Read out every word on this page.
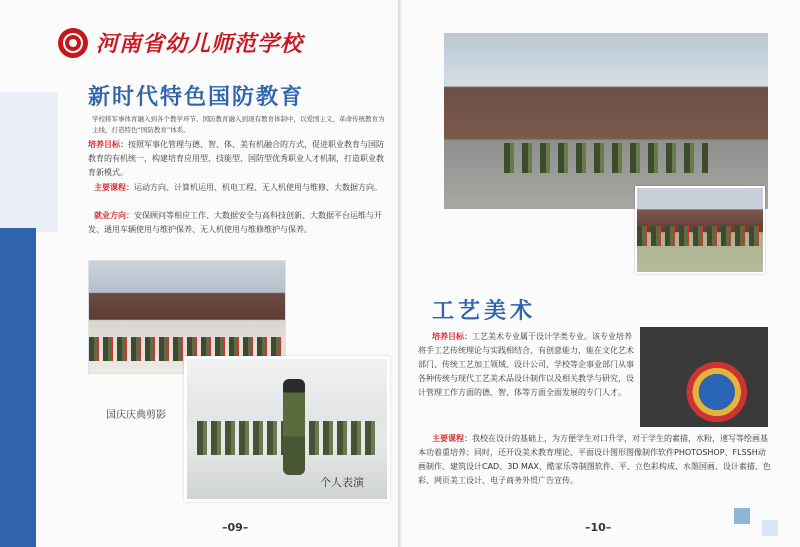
河南省幼儿师范学校
新时代特色国防教育
学校将军事体育融入到各个教学环节、国防教育融入到现有教育体制中，以爱国主义、革命传统教育为主线，打造特色“国防教育”体系。
培养目标：按照军事化管理与德、智、体、美有机融合的方式，促进职业教育与国防教育的有机统一，构建培育应用型、技能型、国防型优秀职业人才机制，打造职业教育新模式。
主要课程：运动方向、计算机运用、机电工程、无人机使用与维修、大数据方向。
就业方向：安保顾问等相应工作、大数据安全与高科技创新、大数据平台运维与开发、通用车辆使用与维护保养、无人机使用与维修维护与保养。
国庆庆典剪影
个人表演
–09–
工艺美术
培养目标：工艺美术专业属于设计学类专业。该专业培养将手工艺传统理论与实践相结合、有创意能力，能在文化艺术部门、传统工艺加工领域、设计公司、学校等企事业部门从事各种传统与现代工艺美术品设计制作以及相关教学与研究，设计管理工作方面的德、智、体等方面全面发展的专门人才。
主要课程：我校在设计的基础上，为方便学生对口升学，对于学生的素描，水粉，速写等绘画基本功着重培养；同时，还开设美术教育理论、平面设计图形图像制作软件PHOTOSHOP、FLSSH动画制作、建筑设计CAD、3D MAX、酷家乐等制图软件、平、立色彩构成、水墨国画、设计素描、色彩、网页美工设计、电子商务外贸广告宣传。
–10–
